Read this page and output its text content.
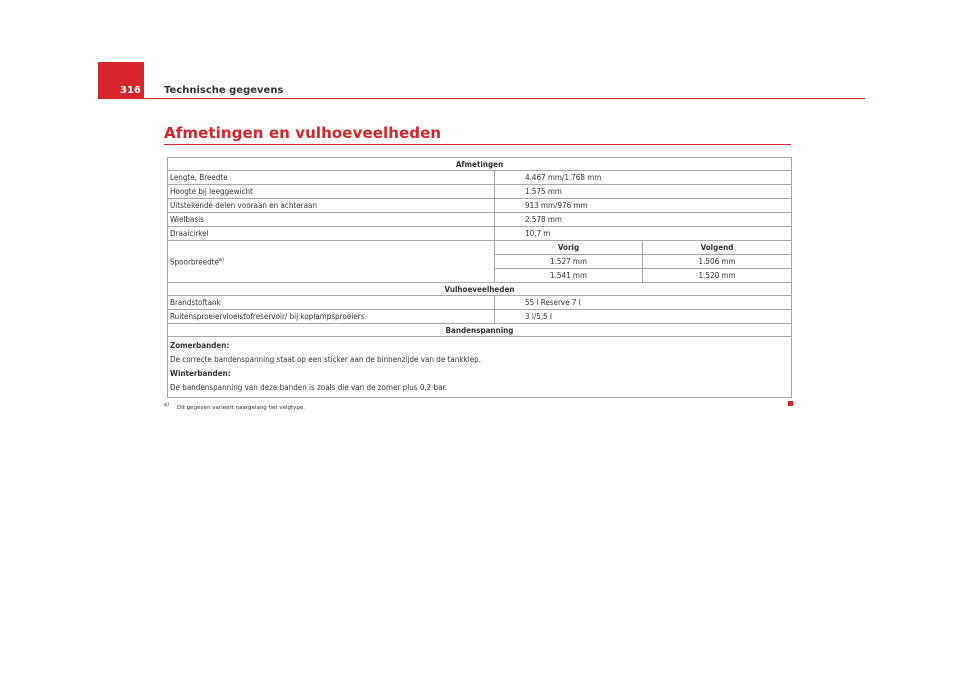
316 Technische gegevens
Afmetingen en vulhoeveelheden
Afmetingen		
Lengte, Breedte	4.467 mm/1.768 mm	
Hoogte bij leeggewicht	1.575 mm	
Uitstekende delen vooraan en achteraan	913 mm/976 mm	
Wielbasis	2.578 mm	
Draaicirkel	10,7 m	
Spoorbreedte$^{a)}$	Vorig	Volgend
	1.527 mm	1.506 mm
	1.541 mm	1.520 mm
Vulhoeveelheden		
Brandstoftank	55 l Reserve 7 l	
Ruitensproeiervloeistofreservoir/ bij koplampsproeiers	3 l/5,5 l	
Bandenspanning		

Zomerbanden:
De correcte bandenspanning staat op een sticker aan de binnenzijde van de tankklep.
Winterbanden:
De bandenspanning van deze banden is zoals die van de zomer plus 0,2 bar.		
$^{a)}$ Dit gegeven varieert naargelang het velgtype.
